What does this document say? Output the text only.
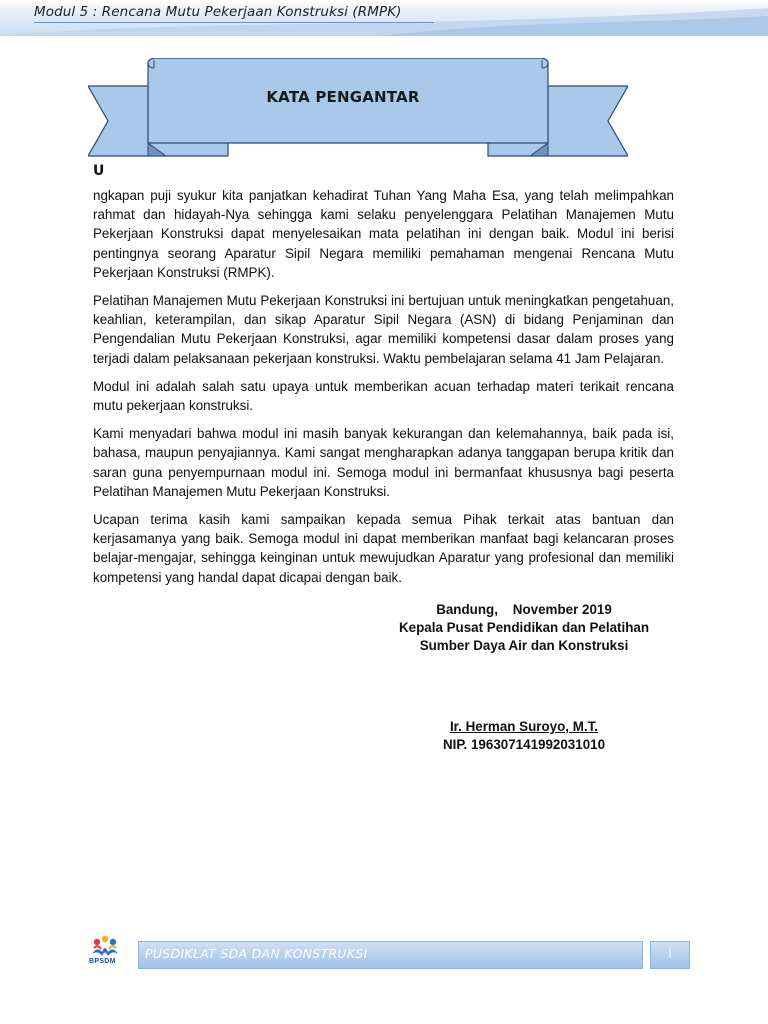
Modul 5 : Rencana Mutu Pekerjaan Konstruksi (RMPK)
KATA PENGANTAR
U

ngkapan puji syukur kita panjatkan kehadirat Tuhan Yang Maha Esa, yang telah melimpahkan rahmat dan hidayah-Nya sehingga kami selaku penyelenggara Pelatihan Manajemen Mutu Pekerjaan Konstruksi dapat menyelesaikan mata pelatihan ini dengan baik. Modul ini berisi pentingnya seorang Aparatur Sipil Negara memiliki pemahaman mengenai Rencana Mutu Pekerjaan Konstruksi (RMPK).

Pelatihan Manajemen Mutu Pekerjaan Konstruksi ini bertujuan untuk meningkatkan pengetahuan, keahlian, keterampilan, dan sikap Aparatur Sipil Negara (ASN) di bidang Penjaminan dan Pengendalian Mutu Pekerjaan Konstruksi, agar memiliki kompetensi dasar dalam proses yang terjadi dalam pelaksanaan pekerjaan konstruksi. Waktu pembelajaran selama 41 Jam Pelajaran.

Modul ini adalah salah satu upaya untuk memberikan acuan terhadap materi terikait rencana mutu pekerjaan konstruksi.

Kami menyadari bahwa modul ini masih banyak kekurangan dan kelemahannya, baik pada isi, bahasa, maupun penyajiannya. Kami sangat mengharapkan adanya tanggapan berupa kritik dan saran guna penyempurnaan modul ini. Semoga modul ini bermanfaat khususnya bagi peserta Pelatihan Manajemen Mutu Pekerjaan Konstruksi.

Ucapan terima kasih kami sampaikan kepada semua Pihak terkait atas bantuan dan kerjasamanya yang baik. Semoga modul ini dapat memberikan manfaat bagi kelancaran proses belajar-mengajar, sehingga keinginan untuk mewujudkan Aparatur yang profesional dan memiliki kompetensi yang handal dapat dicapai dengan baik.

Bandung,    November 2019
Kepala Pusat Pendidikan dan Pelatihan
Sumber Daya Air dan Konstruksi
Ir. Herman Suroyo, M.T.
NIP. 196307141992031010
BPSDM
PUSDIKLAT SDA DAN KONSTRUKSI	i
